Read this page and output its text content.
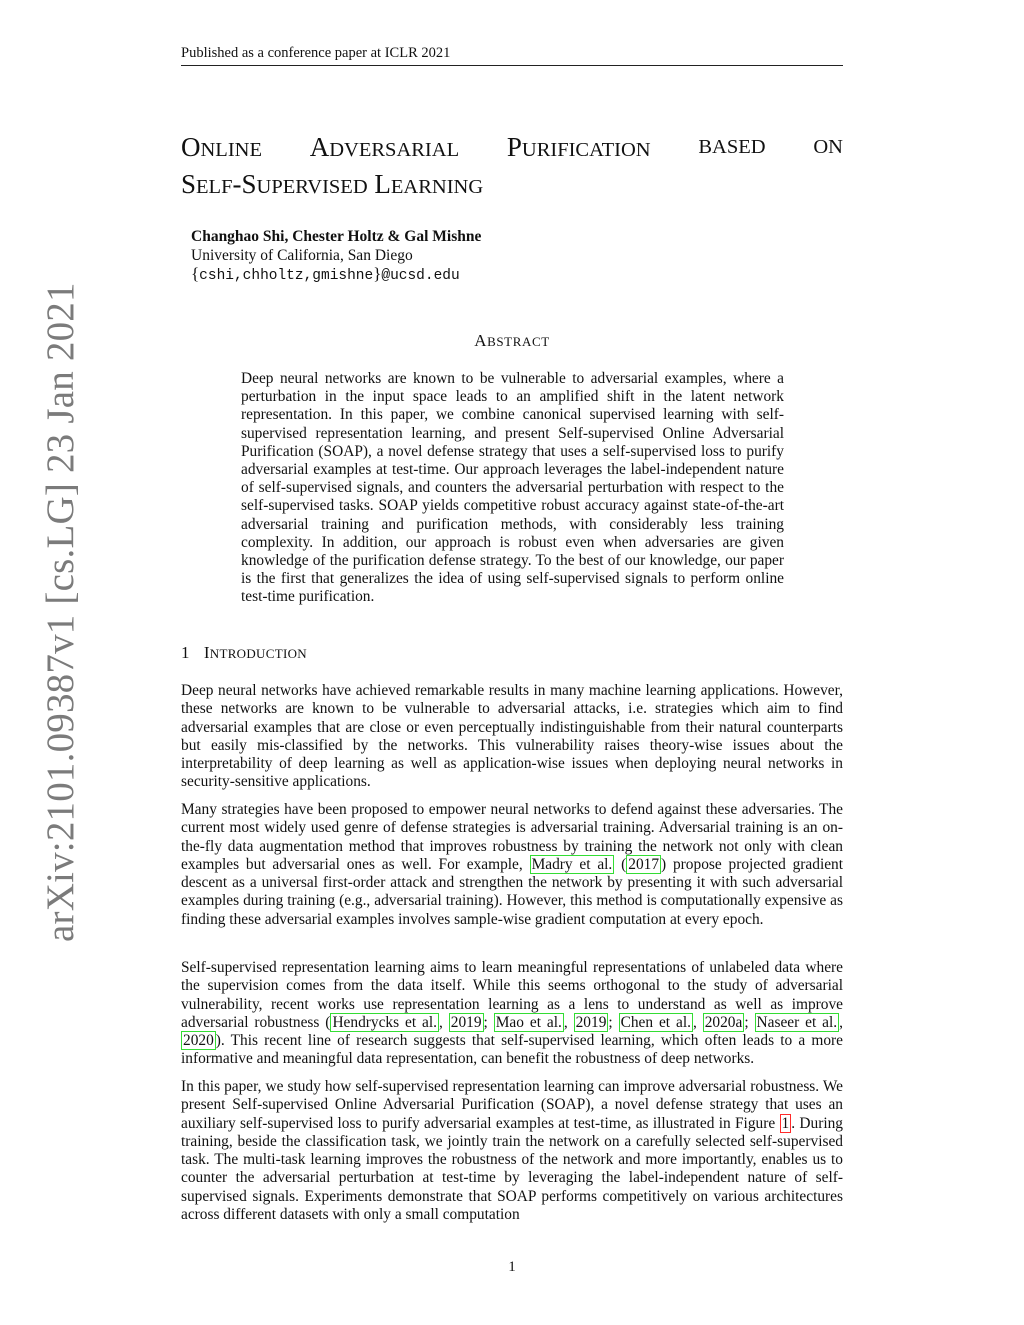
Published as a conference paper at ICLR 2021
arXiv:2101.09387v1 [cs.LG] 23 Jan 2021
ONLINE ADVERSARIAL PURIFICATION BASED ON
SELF-SUPERVISED LEARNING
Changhao Shi, Chester Holtz & Gal Mishne
University of California, San Diego
{cshi,chholtz,gmishne}@ucsd.edu
ABSTRACT

Deep neural networks are known to be vulnerable to adversarial examples, where a perturbation in the input space leads to an amplified shift in the latent network representation. In this paper, we combine canonical supervised learning with self-supervised representation learning, and present Self-supervised Online Adversarial Purification (SOAP), a novel defense strategy that uses a self-supervised loss to purify adversarial examples at test-time. Our approach leverages the label-independent nature of self-supervised signals, and counters the adversarial perturbation with respect to the self-supervised tasks. SOAP yields competitive robust accuracy against state-of-the-art adversarial training and purification methods, with considerably less training complexity. In addition, our approach is robust even when adversaries are given knowledge of the purification defense strategy. To the best of our knowledge, our paper is the first that generalizes the idea of using self-supervised signals to perform online test-time purification.

1 INTRODUCTION

Deep neural networks have achieved remarkable results in many machine learning applications. However, these networks are known to be vulnerable to adversarial attacks, i.e. strategies which aim to find adversarial examples that are close or even perceptually indistinguishable from their natural counterparts but easily mis-classified by the networks. This vulnerability raises theory-wise issues about the interpretability of deep learning as well as application-wise issues when deploying neural networks in security-sensitive applications.

Many strategies have been proposed to empower neural networks to defend against these adversaries. The current most widely used genre of defense strategies is adversarial training. Adversarial training is an on-the-fly data augmentation method that improves robustness by training the network not only with clean examples but adversarial ones as well. For example, Madry et al. ( 2017 ) propose projected gradient descent as a universal first-order attack and strengthen the network by presenting it with such adversarial examples during training (e.g., adversarial training). However, this method is computationally expensive as finding these adversarial examples involves sample-wise gradient computation at every epoch.

Self-supervised representation learning aims to learn meaningful representations of unlabeled data where the supervision comes from the data itself. While this seems orthogonal to the study of adversarial vulnerability, recent works use representation learning as a lens to understand as well as improve adversarial robustness ( Hendrycks et al. , 2019 ; Mao et al. , 2019 ; Chen et al. , 2020a ; Naseer et al. , 2020 ). This recent line of research suggests that self-supervised learning, which often leads to a more informative and meaningful data representation, can benefit the robustness of deep networks.

In this paper, we study how self-supervised representation learning can improve adversarial robustness. We present Self-supervised Online Adversarial Purification (SOAP), a novel defense strategy that uses an auxiliary self-supervised loss to purify adversarial examples at test-time, as illustrated in Figure 1 . During training, beside the classification task, we jointly train the network on a carefully selected self-supervised task. The multi-task learning improves the robustness of the network and more importantly, enables us to counter the adversarial perturbation at test-time by leveraging the label-independent nature of self-supervised signals. Experiments demonstrate that SOAP performs competitively on various architectures across different datasets with only a small computation

1
